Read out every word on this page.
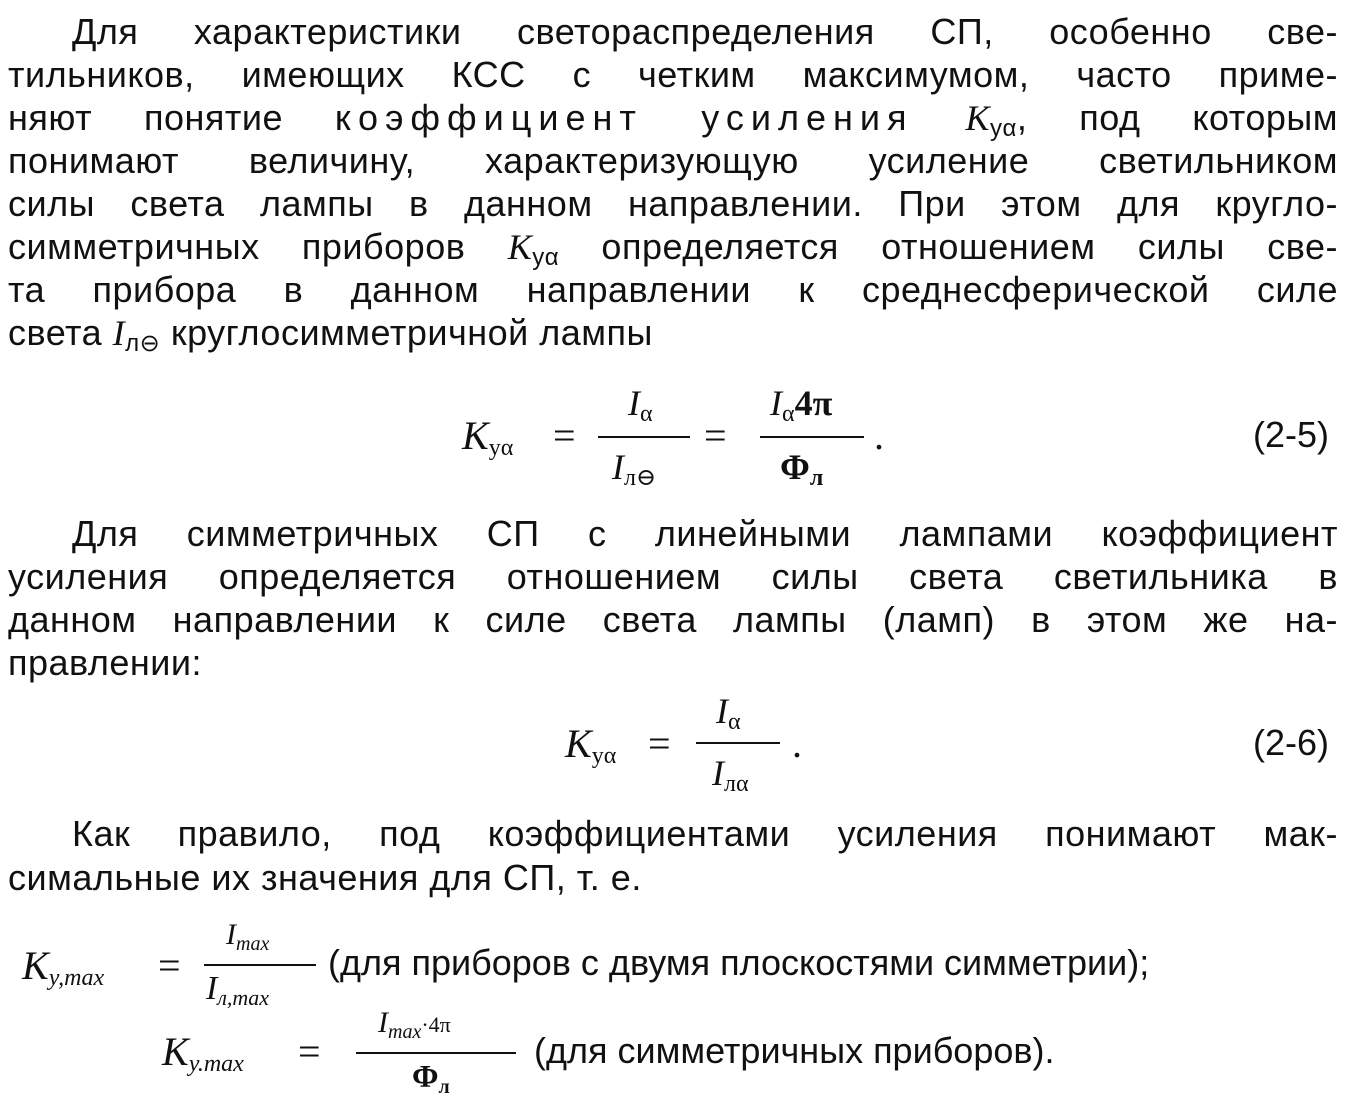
Для характеристики светораспределения СП, особенно све-
тильников, имеющих КСС с четким максимумом, часто приме-
няют понятие коэффициент усиления $K_{у\alpha}$, под которым
понимают величину, характеризующую усиление светильником
силы света лампы в данном направлении. При этом для кругло-
симметричных приборов $K_{у\alpha}$ определяется отношением силы све-
та прибора в данном направлении к среднесферической силе
света $I_{л⊖}$ круглосимметричной лампы
$K_{у\alpha}$ =
$I_\alpha$
$I_{л⊖}$
=
$I_\alpha 4\pi$
$\Phi_л$
.	(2-5)
Для симметричных СП с линейными лампами коэффициент
усиления определяется отношением силы света светильника в
данном направлении к силе света лампы (ламп) в этом же на-
правлении:
$K_{у\alpha}$ =
$I_\alpha$
$I_{л\alpha}$
.	(2-6)
Как правило, под коэффициентами усиления понимают мак-
симальные их значения для СП, т. е.
$K_{у,max}$ =
$I_{max}$
$I_{л,max}$
(для приборов с двумя плоскостями симметрии);
$K_{у.max}$ =
$I_{max}\cdot 4\pi$
$\Phi_л$
(для симметричных приборов).
